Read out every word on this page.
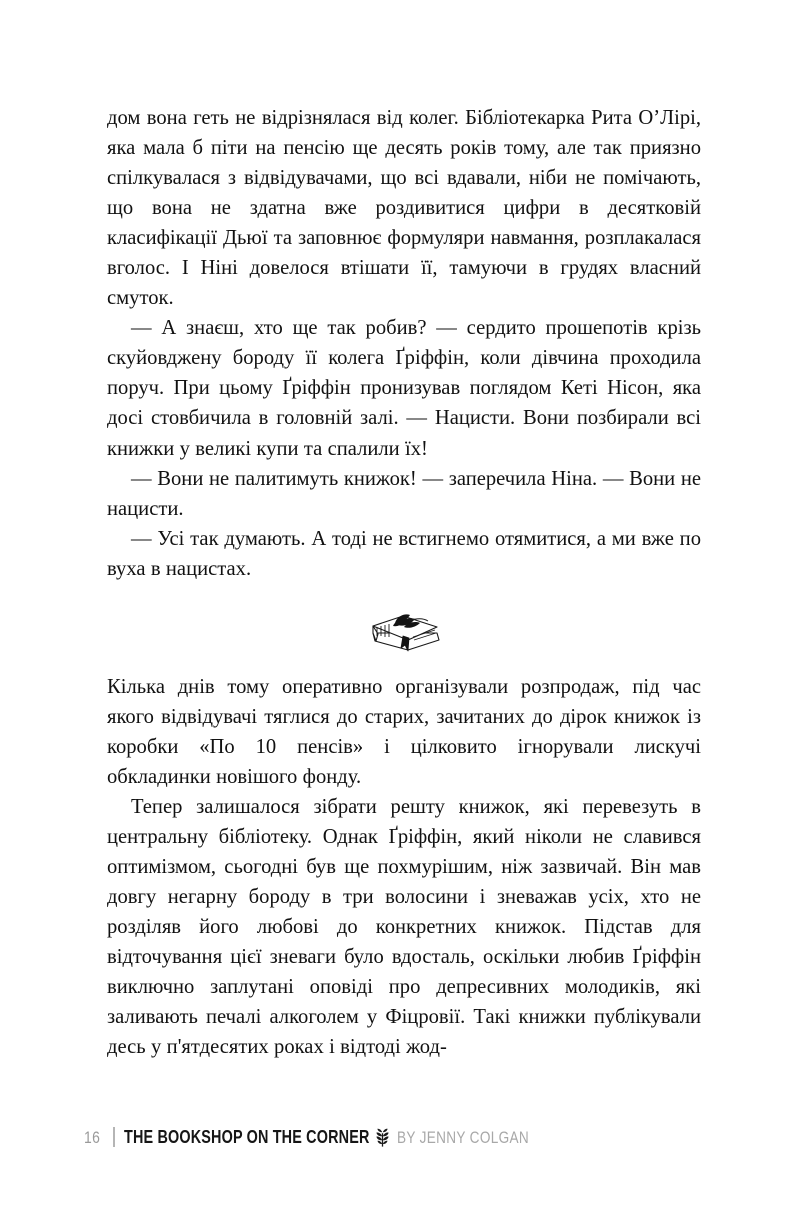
дом вона геть не відрізнялася від колег. Бібліотекарка Рита О’Лірі, яка мала б піти на пенсію ще десять років тому, але так приязно спілкувалася з відвідувачами, що всі вдавали, ніби не помічають, що вона не здатна вже роздивитися цифри в десятковій класифікації Дьюї та заповнює формуляри навмання, розплакалася вголос. І Ніні довелося втішати її, тамуючи в грудях власний смуток.

— А знаєш, хто ще так робив? — сердито прошепотів крізь скуйовджену бороду її колега Ґріффін, коли дівчина проходила поруч. При цьому Ґріффін пронизував поглядом Кеті Нісон, яка досі стовбичила в головній залі. — Нацисти. Вони позбирали всі книжки у великі купи та спалили їх!

— Вони не палитимуть книжок! — заперечила Ніна. — Вони не нацисти.

— Усі так думають. А тоді не встигнемо отямитися, а ми вже по вуха в нацистах.

Кілька днів тому оперативно організували розпродаж, під час якого відвідувачі тяглися до старих, зачитаних до дірок книжок із коробки «По 10 пенсів» і цілковито ігнорували лискучі обкладинки новішого фонду.

Тепер залишалося зібрати решту книжок, які перевезуть в центральну бібліотеку. Однак Ґріффін, який ніколи не славився оптимізмом, сьогодні був ще похмурішим, ніж зазвичай. Він мав довгу негарну бороду в три волосини і зневажав усіх, хто не розділяв його любові до конкретних книжок. Підстав для відточування цієї зневаги було вдосталь, оскільки любив Ґріффін виключно заплутані оповіді про депресивних молодиків, які заливають печалі алкоголем у Фіцровії. Такі книжки публікували десь у п'ятдесятих роках і відтоді жод-

16 THE BOOKSHOP ON THE CORNER BY JENNY COLGAN
